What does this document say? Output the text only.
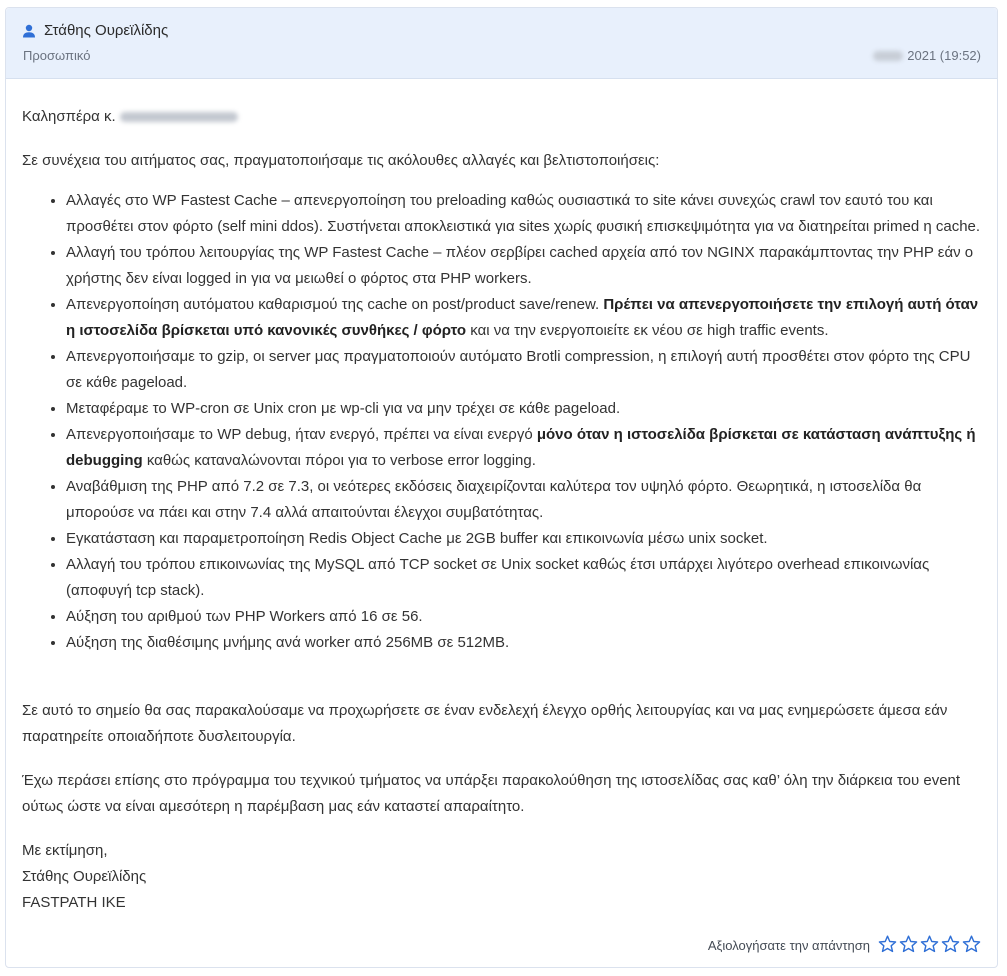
Στάθης Ουρεϊλίδης
Προσωπικό	2021 (19:52)

Καλησπέρα κ.

Σε συνέχεια του αιτήματος σας, πραγματοποιήσαμε τις ακόλουθες αλλαγές και βελτιστοποιήσεις:

• Αλλαγές στο WP Fastest Cache – απενεργοποίηση του preloading καθώς ουσιαστικά το site κάνει συνεχώς crawl τον εαυτό του και προσθέτει στον φόρτο (self mini ddos). Συστήνεται αποκλειστικά για sites χωρίς φυσική επισκεψιμότητα για να διατηρείται primed η cache.
• Αλλαγή του τρόπου λειτουργίας της WP Fastest Cache – πλέον σερβίρει cached αρχεία από τον NGINX παρακάμπτοντας την PHP εάν ο χρήστης δεν είναι logged in για να μειωθεί ο φόρτος στα PHP workers.
• Απενεργοποίηση αυτόματου καθαρισμού της cache on post/product save/renew. Πρέπει να απενεργοποιήσετε την επιλογή αυτή όταν η ιστοσελίδα βρίσκεται υπό κανονικές συνθήκες / φόρτο και να την ενεργοποιείτε εκ νέου σε high traffic events.
• Απενεργοποιήσαμε το gzip, οι server μας πραγματοποιούν αυτόματο Brotli compression, η επιλογή αυτή προσθέτει στον φόρτο της CPU σε κάθε pageload.
• Μεταφέραμε το WP-cron σε Unix cron με wp-cli για να μην τρέχει σε κάθε pageload.
• Απενεργοποιήσαμε το WP debug, ήταν ενεργό, πρέπει να είναι ενεργό μόνο όταν η ιστοσελίδα βρίσκεται σε κατάσταση ανάπτυξης ή debugging καθώς καταναλώνονται πόροι για το verbose error logging.
• Αναβάθμιση της PHP από 7.2 σε 7.3, οι νεότερες εκδόσεις διαχειρίζονται καλύτερα τον υψηλό φόρτο. Θεωρητικά, η ιστοσελίδα θα μπορούσε να πάει και στην 7.4 αλλά απαιτούνται έλεγχοι συμβατότητας.
• Εγκατάσταση και παραμετροποίηση Redis Object Cache με 2GB buffer και επικοινωνία μέσω unix socket.
• Αλλαγή του τρόπου επικοινωνίας της MySQL από TCP socket σε Unix socket καθώς έτσι υπάρχει λιγότερο overhead επικοινωνίας (αποφυγή tcp stack).
• Αύξηση του αριθμού των PHP Workers από 16 σε 56.
• Αύξηση της διαθέσιμης μνήμης ανά worker από 256MB σε 512MB.

Σε αυτό το σημείο θα σας παρακαλούσαμε να προχωρήσετε σε έναν ενδελεχή έλεγχο ορθής λειτουργίας και να μας ενημερώσετε άμεσα εάν παρατηρείτε οποιαδήποτε δυσλειτουργία.

Έχω περάσει επίσης στο πρόγραμμα του τεχνικού τμήματος να υπάρξει παρακολούθηση της ιστοσελίδας σας καθ’ όλη την διάρκεια του event ούτως ώστε να είναι αμεσότερη η παρέμβαση μας εάν καταστεί απαραίτητο.

Με εκτίμηση,
Στάθης Ουρεϊλίδης
FASTPATH IKE
Αξιολογήσατε την απάντηση
